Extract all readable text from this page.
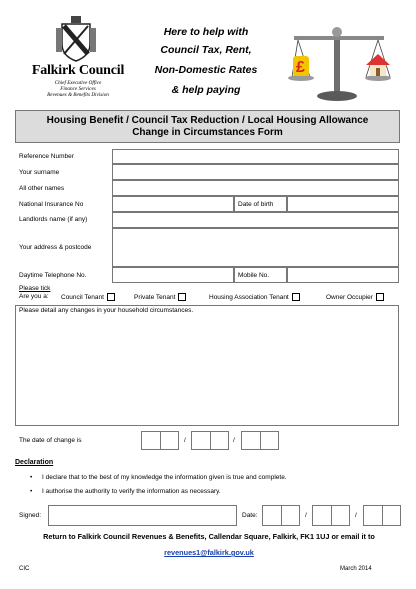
Falkirk Council
Chief Executive Office
Finance Services
Revenues & Benefits Division
Here to help with
Council Tax, Rent,
Non-Domestic Rates
& help paying
£
Housing Benefit / Council Tax Reduction / Local Housing Allowance
Change in Circumstances Form
Reference Number
Your surname
All other names
National Insurance No	Date of birth
Landlords name (if any)
Your address & postcode
Daytime Telephone No.	Mobile No.
Please tick
Are you a: Council Tenant	Private Tenant	Housing Association Tenant	Owner Occupier
Please detail any changes in your household circumstances.
The date of change is	/	/
Declaration
•	I declare that to the best of my knowledge the information given is true and complete.
•	I authorise the authority to verify the information as necessary.
Signed:	Date:	/	/
Return to Falkirk Council Revenues & Benefits, Callendar Square, Falkirk, FK1 1UJ or email it to
revenues1@falkirk.gov.uk
CIC	March 2014
